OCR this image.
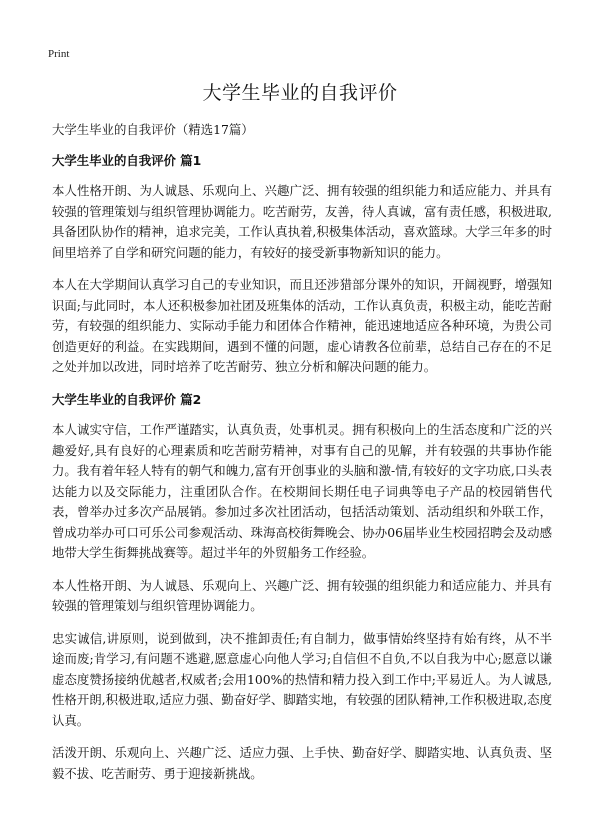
Print
大学生毕业的自我评价

大学生毕业的自我评价（精选17篇）

大学生毕业的自我评价 篇1

本人性格开朗、为人诚恳、乐观向上、兴趣广泛、拥有较强的组织能力和适应能力、并具有较强的管理策划与组织管理协调能力。吃苦耐劳，友善，待人真诚，富有责任感，积极进取,具备团队协作的精神，追求完美，工作认真执着,积极集体活动，喜欢篮球。大学三年多的时间里培养了自学和研究问题的能力，有较好的接受新事物新知识的能力。

本人在大学期间认真学习自己的专业知识，而且还涉猎部分课外的知识，开阔视野，增强知识面;与此同时，本人还积极参加社团及班集体的活动，工作认真负责，积极主动，能吃苦耐劳，有较强的组织能力、实际动手能力和团体合作精神，能迅速地适应各种环境，为贵公司创造更好的利益。在实践期间，遇到不懂的问题，虚心请教各位前辈，总结自己存在的不足之处并加以改进，同时培养了吃苦耐劳、独立分析和解决问题的能力。

大学生毕业的自我评价 篇2

本人诚实守信，工作严谨踏实，认真负责，处事机灵。拥有积极向上的生活态度和广泛的兴趣爱好,具有良好的心理素质和吃苦耐劳精神，对事有自己的见解，并有较强的共事协作能力。我有着年轻人特有的朝气和魄力,富有开创事业的头脑和激-情,有较好的文字功底,口头表达能力以及交际能力，注重团队合作。在校期间长期任电子词典等电子产品的校园销售代表，曾举办过多次产品展销。参加过多次社团活动，包括活动策划、活动组织和外联工作，曾成功举办可口可乐公司参观活动、珠海高校街舞晚会、协办06届毕业生校园招聘会及动感地带大学生街舞挑战赛等。超过半年的外贸船务工作经验。

本人性格开朗、为人诚恳、乐观向上、兴趣广泛、拥有较强的组织能力和适应能力、并具有较强的管理策划与组织管理协调能力。

忠实诚信,讲原则，说到做到，决不推卸责任;有自制力，做事情始终坚持有始有终，从不半途而废;肯学习,有问题不逃避,愿意虚心向他人学习;自信但不自负,不以自我为中心;愿意以谦虚态度赞扬接纳优越者,权威者;会用100%的热情和精力投入到工作中;平易近人。为人诚恳,性格开朗,积极进取,适应力强、勤奋好学、脚踏实地，有较强的团队精神,工作积极进取,态度认真。

活泼开朗、乐观向上、兴趣广泛、适应力强、上手快、勤奋好学、脚踏实地、认真负责、坚毅不拔、吃苦耐劳、勇于迎接新挑战。
